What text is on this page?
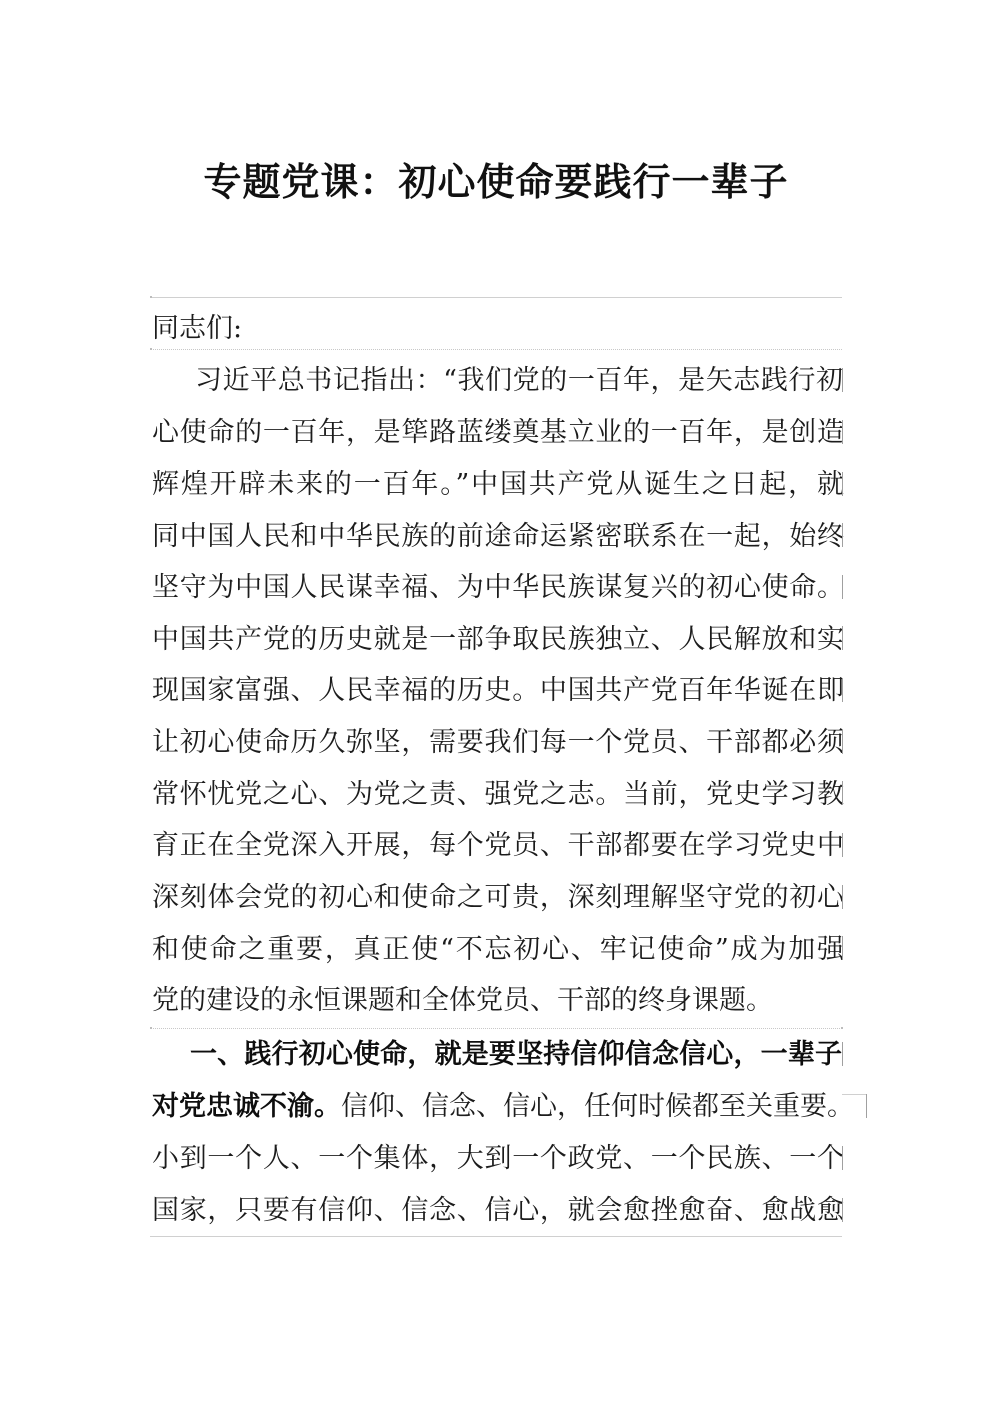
专题党课：初心使命要践行一辈子
同志们:
习近平总书记指出：“我们党的一百年，是矢志践行初
心使命的一百年，是筚路蓝缕奠基立业的一百年，是创造
辉煌开辟未来的一百年。”中国共产党从诞生之日起，就
同中国人民和中华民族的前途命运紧密联系在一起，始终
坚守为中国人民谋幸福、为中华民族谋复兴的初心使命。
中国共产党的历史就是一部争取民族独立、人民解放和实
现国家富强、人民幸福的历史。中国共产党百年华诞在即
让初心使命历久弥坚，需要我们每一个党员、干部都必须
常怀忧党之心、为党之责、强党之志。当前，党史学习教
育正在全党深入开展，每个党员、干部都要在学习党史中
深刻体会党的初心和使命之可贵，深刻理解坚守党的初心
和使命之重要，真正使“不忘初心、牢记使命”成为加强
党的建设的永恒课题和全体党员、干部的终身课题。
一、践行初心使命，就是要坚持信仰信念信心，一辈子
对党忠诚不渝。信仰、信念、信心，任何时候都至关重要。
小到一个人、一个集体，大到一个政党、一个民族、一个
国家，只要有信仰、信念、信心，就会愈挫愈奋、愈战愈
